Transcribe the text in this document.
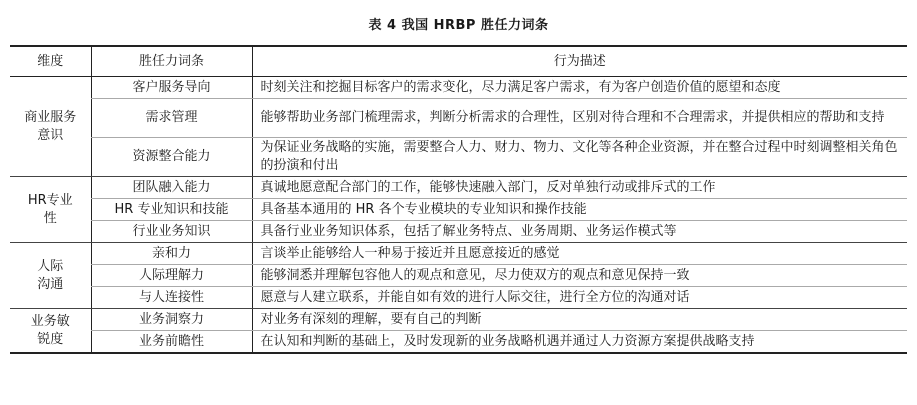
表 4 我国 HRBP 胜任力词条
维度	胜任力词条	行为描述
商业服务意识	客户服务导向	时刻关注和挖掘目标客户的需求变化，尽力满足客户需求，有为客户创造价值的愿望和态度
	需求管理	能够帮助业务部门梳理需求，判断分析需求的合理性，区别对待合理和不合理需求，并提供相应的帮助和支持
	资源整合能力	为保证业务战略的实施，需要整合人力、财力、物力、文化等各种企业资源，并在整合过程中时刻调整相关角色的扮演和付出
HR专业性	团队融入能力	真诚地愿意配合部门的工作，能够快速融入部门，反对单独行动或排斥式的工作
	HR 专业知识和技能	具备基本通用的 HR 各个专业模块的专业知识和操作技能
	行业业务知识	具备行业业务知识体系，包括了解业务特点、业务周期、业务运作模式等
人际沟通	亲和力	言谈举止能够给人一种易于接近并且愿意接近的感觉
	人际理解力	能够洞悉并理解包容他人的观点和意见，尽力使双方的观点和意见保持一致
	与人连接性	愿意与人建立联系，并能自如有效的进行人际交往，进行全方位的沟通对话
业务敏锐度	业务洞察力	对业务有深刻的理解，要有自己的判断
	业务前瞻性	在认知和判断的基础上，及时发现新的业务战略机遇并通过人力资源方案提供战略支持
